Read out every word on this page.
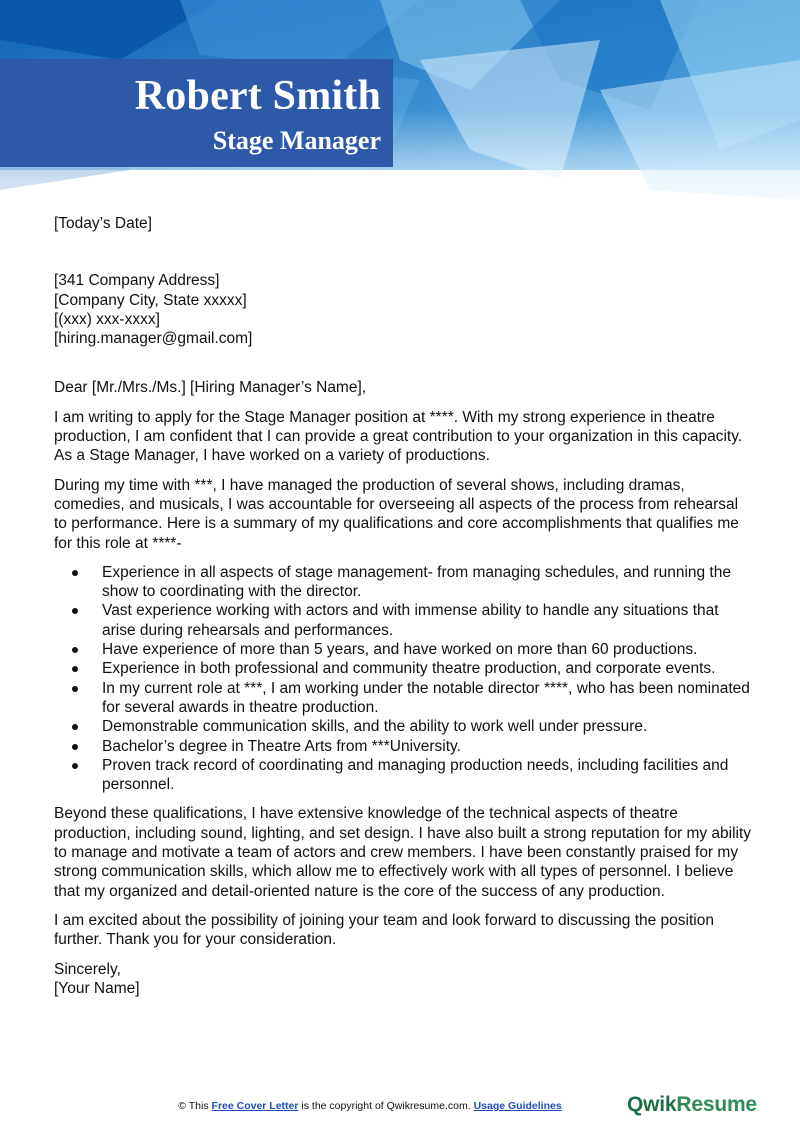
Robert Smith
Stage Manager

[Today’s Date]

[341 Company Address]

[Company City, State xxxxx]

[(xxx) xxx-xxxx]

[hiring.manager@gmail.com]

Dear [Mr./Mrs./Ms.] [Hiring Manager’s Name],

I am writing to apply for the Stage Manager position at ****. With my strong experience in theatre production, I am confident that I can provide a great contribution to your organization in this capacity. As a Stage Manager, I have worked on a variety of productions.

During my time with ***, I have managed the production of several shows, including dramas, comedies, and musicals, I was accountable for overseeing all aspects of the process from rehearsal to performance. Here is a summary of my qualifications and core accomplishments that qualifies me for this role at ****-

Experience in all aspects of stage management- from managing schedules, and running the show to coordinating with the director.
Vast experience working with actors and with immense ability to handle any situations that arise during rehearsals and performances.
Have experience of more than 5 years, and have worked on more than 60 productions.
Experience in both professional and community theatre production, and corporate events.
In my current role at ***, I am working under the notable director ****, who has been nominated for several awards in theatre production.
Demonstrable communication skills, and the ability to work well under pressure.
Bachelor’s degree in Theatre Arts from ***University.
Proven track record of coordinating and managing production needs, including facilities and personnel.

Beyond these qualifications, I have extensive knowledge of the technical aspects of theatre production, including sound, lighting, and set design. I have also built a strong reputation for my ability to manage and motivate a team of actors and crew members. I have been constantly praised for my strong communication skills, which allow me to effectively work with all types of personnel. I believe that my organized and detail-oriented nature is the core of the success of any production.

I am excited about the possibility of joining your team and look forward to discussing the position further. Thank you for your consideration.

Sincerely,

[Your Name]

© This Free Cover Letter is the copyright of Qwikresume.com. Usage Guidelines	QwikResume
